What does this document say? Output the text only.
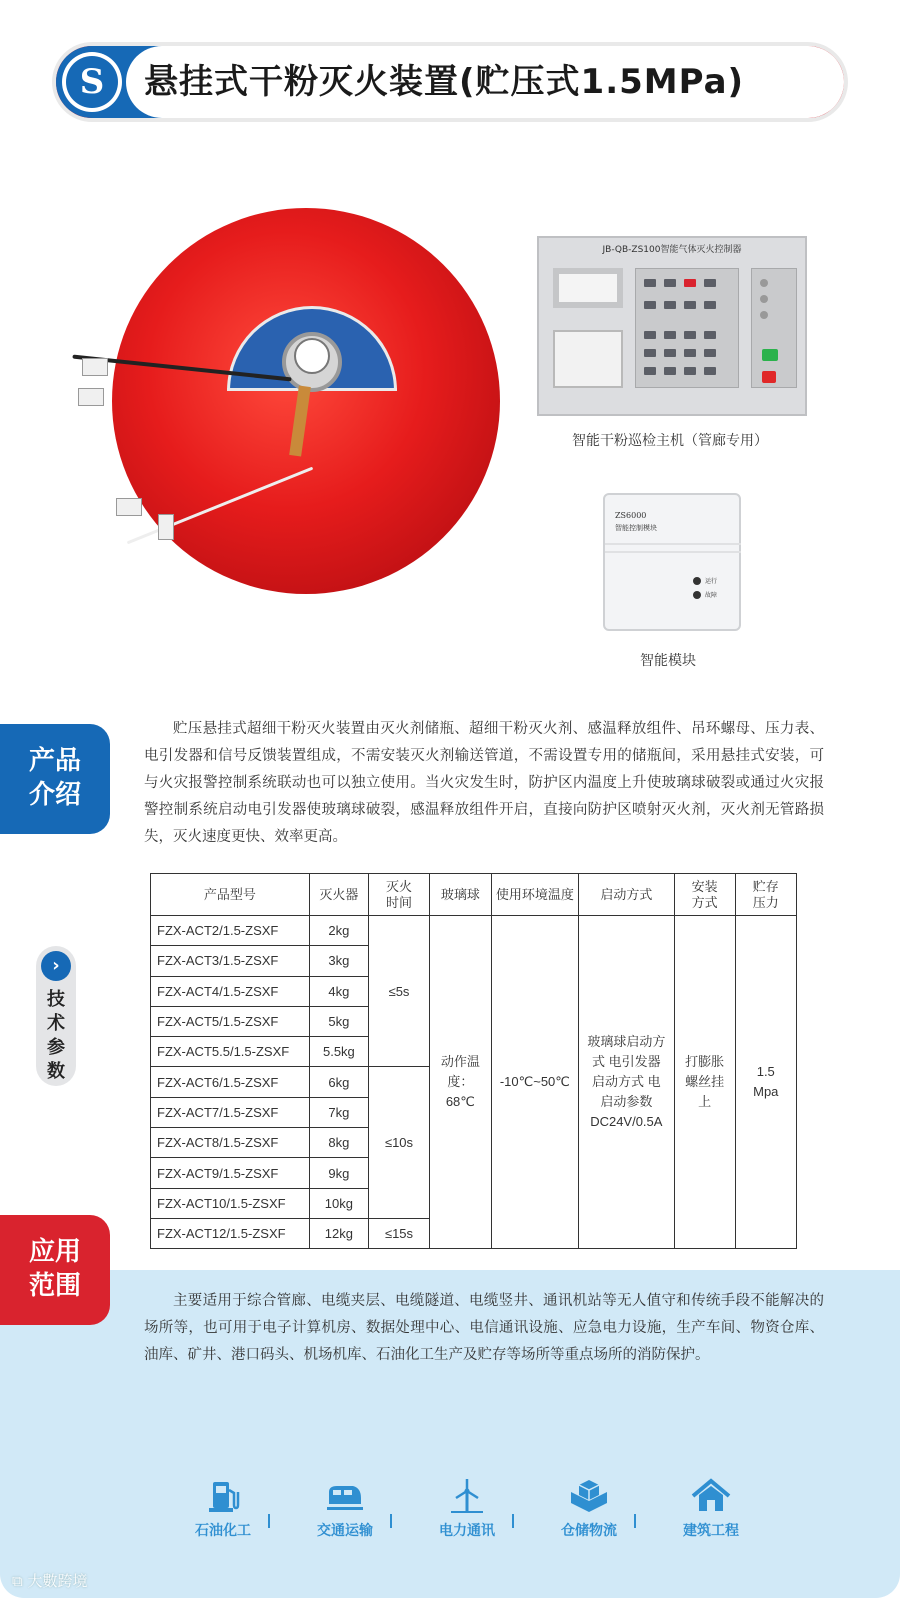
S	悬挂式干粉灭火装置(贮压式1.5MPa)
JB-QB-ZS100智能气体灭火控制器
智能干粉巡检主机（管廊专用）
ZS6000
智能控制模块
运行
故障
智能模块
产品介绍
贮压悬挂式超细干粉灭火装置由灭火剂储瓶、超细干粉灭火剂、感温释放组件、吊环螺母、压力表、电引发器和信号反馈装置组成，不需安装灭火剂输送管道，不需设置专用的储瓶间，采用悬挂式安装，可与火灾报警控制系统联动也可以独立使用。当火灾发生时，防护区内温度上升使玻璃球破裂或通过火灾报警控制系统启动电引发器使玻璃球破裂，感温释放组件开启，直接向防护区喷射灭火剂，灭火剂无管路损失，灭火速度更快、效率更高。
›
技术参数
产品型号	灭火器	灭火时间	玻璃球	使用环境温度	启动方式	安装方式	贮存压力
FZX-ACT2/1.5-ZSXF	2kg	≤5s	动作温度：68℃	-10℃~50℃	玻璃球启动方式 电引发器启动方式 电启动参数DC24V/0.5A	打膨胀螺丝挂上	1.5 Mpa
FZX-ACT3/1.5-ZSXF	3kg						
FZX-ACT4/1.5-ZSXF	4kg						
FZX-ACT5/1.5-ZSXF	5kg						
FZX-ACT5.5/1.5-ZSXF	5.5kg						
FZX-ACT6/1.5-ZSXF	6kg	≤10s					
FZX-ACT7/1.5-ZSXF	7kg						
FZX-ACT8/1.5-ZSXF	8kg						
FZX-ACT9/1.5-ZSXF	9kg						
FZX-ACT10/1.5-ZSXF	10kg						
FZX-ACT12/1.5-ZSXF	12kg	≤15s					
应用范围	主要适用于综合管廊、电缆夹层、电缆隧道、电缆竖井、通讯机站等无人值守和传统手段不能解决的场所等，也可用于电子计算机房、数据处理中心、电信通讯设施、应急电力设施，生产车间、物资仓库、油库、矿井、港口码头、机场机库、石油化工生产及贮存等场所等重点场所的消防保护。
石油化工	交通运输	电力通讯	仓储物流	建筑工程
⧉ 大數跨境
